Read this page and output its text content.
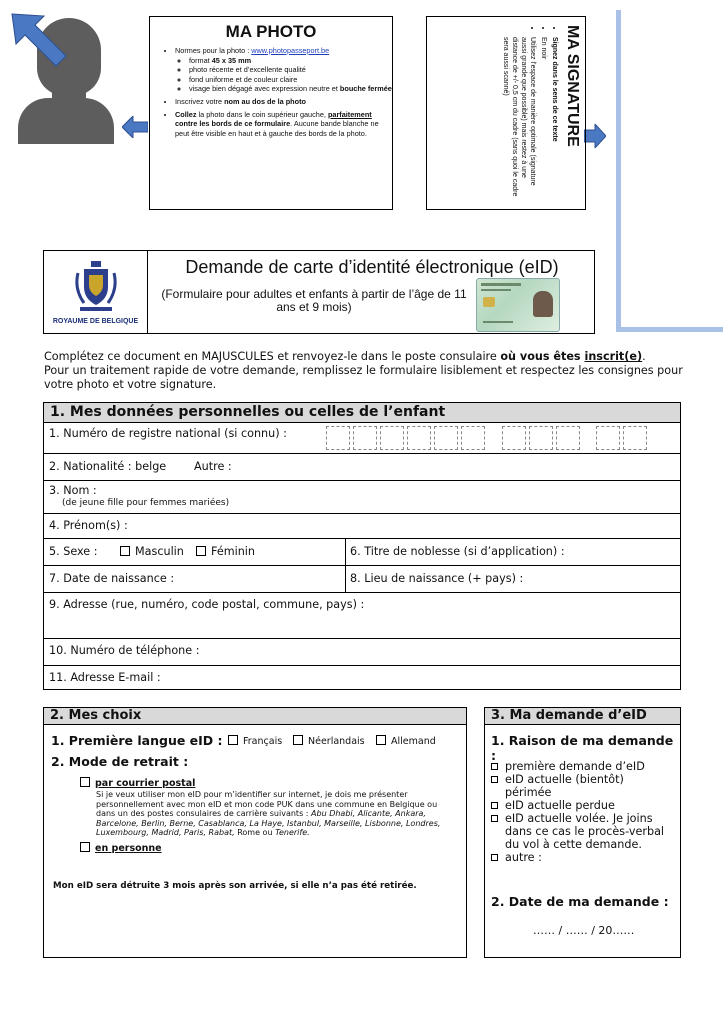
MA PHOTO
• Normes pour la photo : www.photopasseport.be
◦ format 45 x 35 mm
◦ photo récente et d’excellente qualité
◦ fond uniforme et de couleur claire
◦ visage bien dégagé avec expression neutre et bouche fermée
• Inscrivez votre nom au dos de la photo
• Collez la photo dans le coin supérieur gauche, parfaitement contre les bords de ce formulaire. Aucune bande blanche ne peut être visible en haut et à gauche des bords de la photo.	MA SIGNATURE
• Signez dans le sens de ce texte
• En noir
• Utilisez l’espace de manière optimale (signature aussi grande que possible) mais restez à une distance de +/- 0,5 cm du cadre (sans quoi le cadre sera aussi scanné)
ROYAUME DE BELGIQUE
Demande de carte d’identité électronique (eID)
(Formulaire pour adultes et enfants à partir de l’âge de 11 ans et 9 mois)
Complétez ce document en MAJUSCULES et renvoyez-le dans le poste consulaire où vous êtes inscrit(e).
Pour un traitement rapide de votre demande, remplissez le formulaire lisiblement et respectez les consignes pour votre photo et votre signature.
1. Mes données personnelles ou celles de l’enfant
1. Numéro de registre national (si connu) :
2. Nationalité : belge Autre :
3. Nom :
(de jeune fille pour femmes mariées)
4. Prénom(s) :
5. Sexe :	Masculin	Féminin	6. Titre de noblesse (si d’application) :
7. Date de naissance :	8. Lieu de naissance (+ pays) :
9. Adresse (rue, numéro, code postal, commune, pays) :
10. Numéro de téléphone :
11. Adresse E-mail :
2. Mes choix
1. Première langue eID :	Français	Néerlandais	Allemand
2. Mode de retrait :
par courrier postal
Si je veux utiliser mon eID pour m’identifier sur internet, je dois me présenter personnellement avec mon eID et mon code PUK dans une commune en Belgique ou dans un des postes consulaires de carrière suivants : Abu Dhabi, Alicante, Ankara, Barcelone, Berlin, Berne, Casablanca, La Haye, Istanbul, Marseille, Lisbonne, Londres, Luxembourg, Madrid, Paris, Rabat, Rome ou Tenerife.
en personne
Mon eID sera détruite 3 mois après son arrivée, si elle n’a pas été retirée.
3. Ma demande d’eID
1. Raison de ma demande :
première demande d’eID
eID actuelle (bientôt) périmée
eID actuelle perdue
eID actuelle volée. Je joins dans ce cas le procès-verbal du vol à cette demande.
autre :
2. Date de ma demande :
…… / …… / 20……
